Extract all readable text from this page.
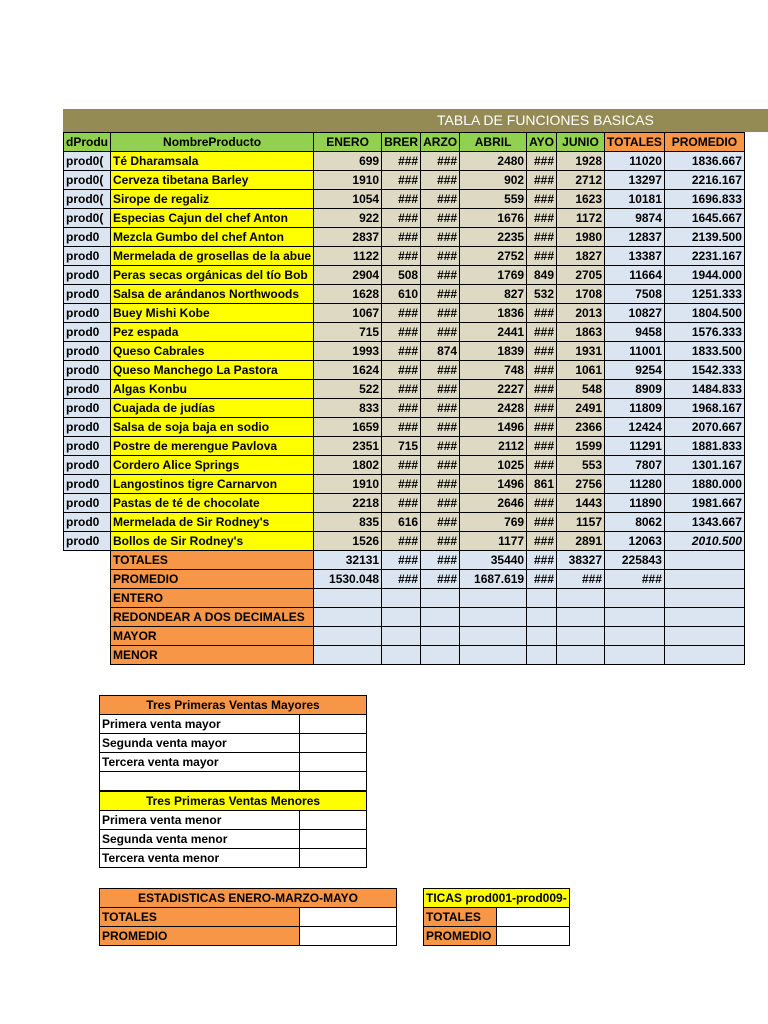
TABLA DE FUNCIONES BASICAS
dProdu	NombreProducto	ENERO	BRER	ARZO	ABRIL	AYO	JUNIO	TOTALES	PROMEDIO
prod0(	Té Dharamsala	699	###	###	2480	###	1928	11020	1836.667
prod0(	Cerveza tibetana Barley	1910	###	###	902	###	2712	13297	2216.167
prod0(	Sirope de regaliz	1054	###	###	559	###	1623	10181	1696.833
prod0(	Especias Cajun del chef Anton	922	###	###	1676	###	1172	9874	1645.667
prod0	Mezcla Gumbo del chef Anton	2837	###	###	2235	###	1980	12837	2139.500
prod0	Mermelada de grosellas de la abue	1122	###	###	2752	###	1827	13387	2231.167
prod0	Peras secas orgánicas del tío Bob	2904	508	###	1769	849	2705	11664	1944.000
prod0	Salsa de arándanos Northwoods	1628	610	###	827	532	1708	7508	1251.333
prod0	Buey Mishi Kobe	1067	###	###	1836	###	2013	10827	1804.500
prod0	Pez espada	715	###	###	2441	###	1863	9458	1576.333
prod0	Queso Cabrales	1993	###	874	1839	###	1931	11001	1833.500
prod0	Queso Manchego La Pastora	1624	###	###	748	###	1061	9254	1542.333
prod0	Algas Konbu	522	###	###	2227	###	548	8909	1484.833
prod0	Cuajada de judías	833	###	###	2428	###	2491	11809	1968.167
prod0	Salsa de soja baja en sodio	1659	###	###	1496	###	2366	12424	2070.667
prod0	Postre de merengue Pavlova	2351	715	###	2112	###	1599	11291	1881.833
prod0	Cordero Alice Springs	1802	###	###	1025	###	553	7807	1301.167
prod0	Langostinos tigre Carnarvon	1910	###	###	1496	861	2756	11280	1880.000
prod0	Pastas de té de chocolate	2218	###	###	2646	###	1443	11890	1981.667
prod0	Mermelada de Sir Rodney's	835	616	###	769	###	1157	8062	1343.667
prod0	Bollos de Sir Rodney's	1526	###	###	1177	###	2891	12063	2010.500
	TOTALES	32131	###	###	35440	###	38327	225843	
	PROMEDIO	1530.048	###	###	1687.619	###	###	###	
	ENTERO								
	REDONDEAR A DOS DECIMALES								
	MAYOR								
	MENOR								
Tres Primeras Ventas Mayores	
Primera venta mayor	
Segunda venta mayor	
Tercera venta mayor	

Tres Primeras Ventas Menores	
Primera venta menor	
Segunda venta menor	
Tercera venta menor	
ESTADISTICAS ENERO-MARZO-MAYO	
TOTALES	
PROMEDIO	
TICAS prod001-prod009-	
TOTALES	
PROMEDIO	
